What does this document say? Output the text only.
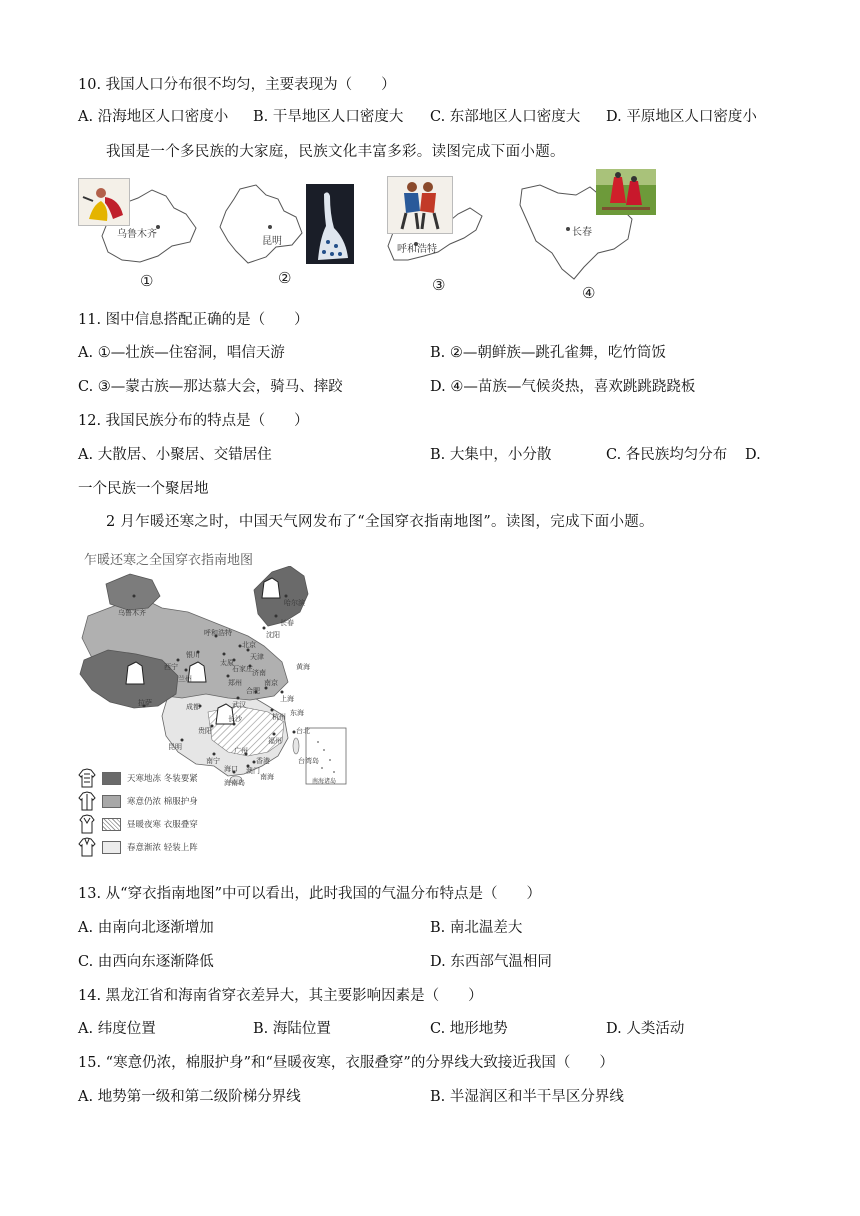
10. 我国人口分布很不均匀，主要表现为（　　）
A. 沿海地区人口密度小 B. 干旱地区人口密度大 C. 东部地区人口密度大 D. 平原地区人口密度小
我国是一个多民族的大家庭，民族文化丰富多彩。读图完成下面小题。
乌鲁木齐
①
昆明
②
呼和浩特
③
长春
④
11. 图中信息搭配正确的是（　　）
A. ①—壮族—住窑洞，唱信天游	B. ②—朝鲜族—跳孔雀舞，吃竹筒饭
C. ③—蒙古族—那达慕大会，骑马、摔跤	D. ④—苗族—气候炎热，喜欢跳跳跷跷板
12. 我国民族分布的特点是（　　）
A. 大散居、小聚居、交错居住	B. 大集中，小分散	C. 各民族均匀分布 D.
一个民族一个聚居地
2 月乍暖还寒之时，中国天气网发布了“全国穿衣指南地图”。读图，完成下面小题。
乍暖还寒之全国穿衣指南地图
乌鲁木齐
哈尔滨
长春
沈阳
呼和浩特
北京
天津
银川
太原
石家庄 济南
西宁
兰州	郑州
拉萨	成都
合肥
南京
上海
武汉
黄海
东海
贵阳
长沙	杭州
昆明
南宁
福州
台北
广州
台湾岛
香港
澳门
海口
海南岛
南海
南海诸岛
天寒地冻 冬装要紧
寒意仍浓 棉服护身
昼暖夜寒 衣服叠穿
春意渐浓 轻装上阵
13. 从“穿衣指南地图”中可以看出，此时我国的气温分布特点是（　　）
A. 由南向北逐渐增加	B. 南北温差大
C. 由西向东逐渐降低	D. 东西部气温相同
14. 黑龙江省和海南省穿衣差异大，其主要影响因素是（　　）
A. 纬度位置	B. 海陆位置	C. 地形地势	D. 人类活动
15. “寒意仍浓，棉服护身”和“昼暖夜寒，衣服叠穿”的分界线大致接近我国（　　）
A. 地势第一级和第二级阶梯分界线	B. 半湿润区和半干旱区分界线
